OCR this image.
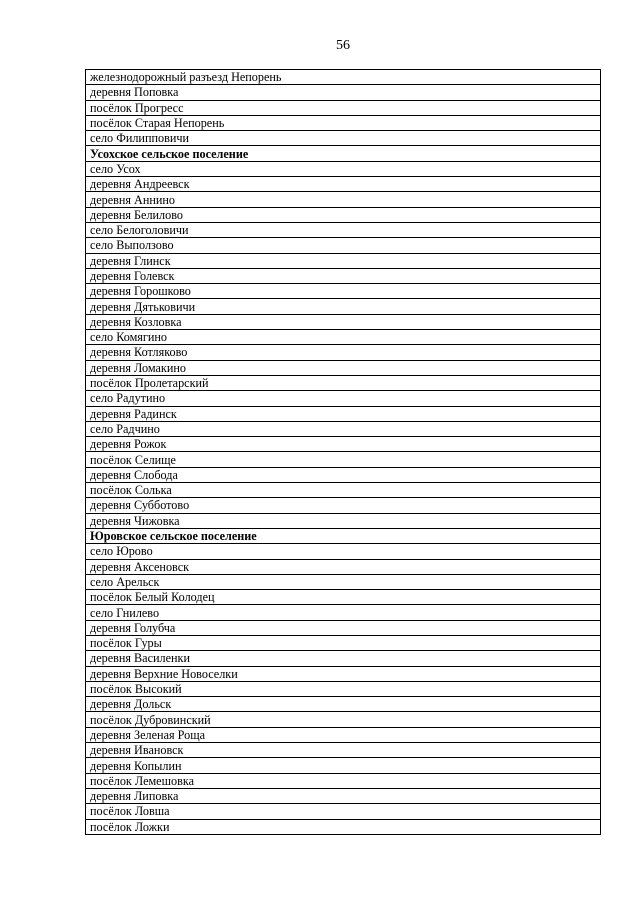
56
железнодорожный разъезд Непорень
деревня Поповка
посёлок Прогресс
посёлок Старая Непорень
село Филипповичи
Усохское сельское поселение
село Усох
деревня Андреевск
деревня Аннино
деревня Белилово
село Белоголовичи
село Выползово
деревня Глинск
деревня Голевск
деревня Горошково
деревня Дятьковичи
деревня Козловка
село Комягино
деревня Котляково
деревня Ломакино
посёлок Пролетарский
село Радутино
деревня Радинск
село Радчино
деревня Рожок
посёлок Селище
деревня Слобода
посёлок Солька
деревня Субботово
деревня Чижовка
Юровское сельское поселение
село Юрово
деревня Аксеновск
село Арельск
посёлок Белый Колодец
село Гнилево
деревня Голубча
посёлок Гуры
деревня Василенки
деревня Верхние Новоселки
посёлок Высокий
деревня Дольск
посёлок Дубровинский
деревня Зеленая Роща
деревня Ивановск
деревня Копылин
посёлок Лемешовка
деревня Липовка
посёлок Ловша
посёлок Ложки
